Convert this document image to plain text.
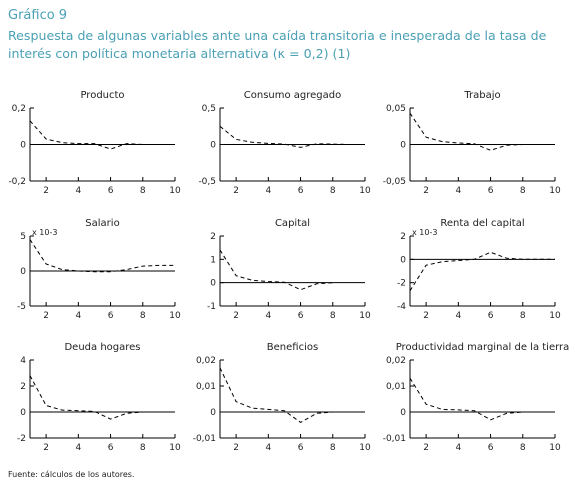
Gráfico 9
Respuesta de algunas variables ante una caída transitoria e inesperada de la tasa de interés con política monetaria alternativa (κ = 0,2) (1)
Producto
0,2
0
-0,2
2	4	6	8	10
Consumo agregado
0,5
0
-0,5
2	4	6	8	10
Trabajo
0,05
0
-0,05
2	4	6	8	10
Salario
5
0
-5
2	4	6	8	10
x 10-3
Capital
2
1
0
-1
2	4	6	8	10
Renta del capital
2
0
-2
-4
2	4	6	8	10
x 10-3
Deuda hogares
4
2
0
-2
2	4	6	8	10
Beneficios
0,02
0,01
0
-0,01
2	4	6	8	10
Productividad marginal de la tierra
0,02
0,01
0
-0,01
2	4	6	8	10
Fuente: cálculos de los autores.
